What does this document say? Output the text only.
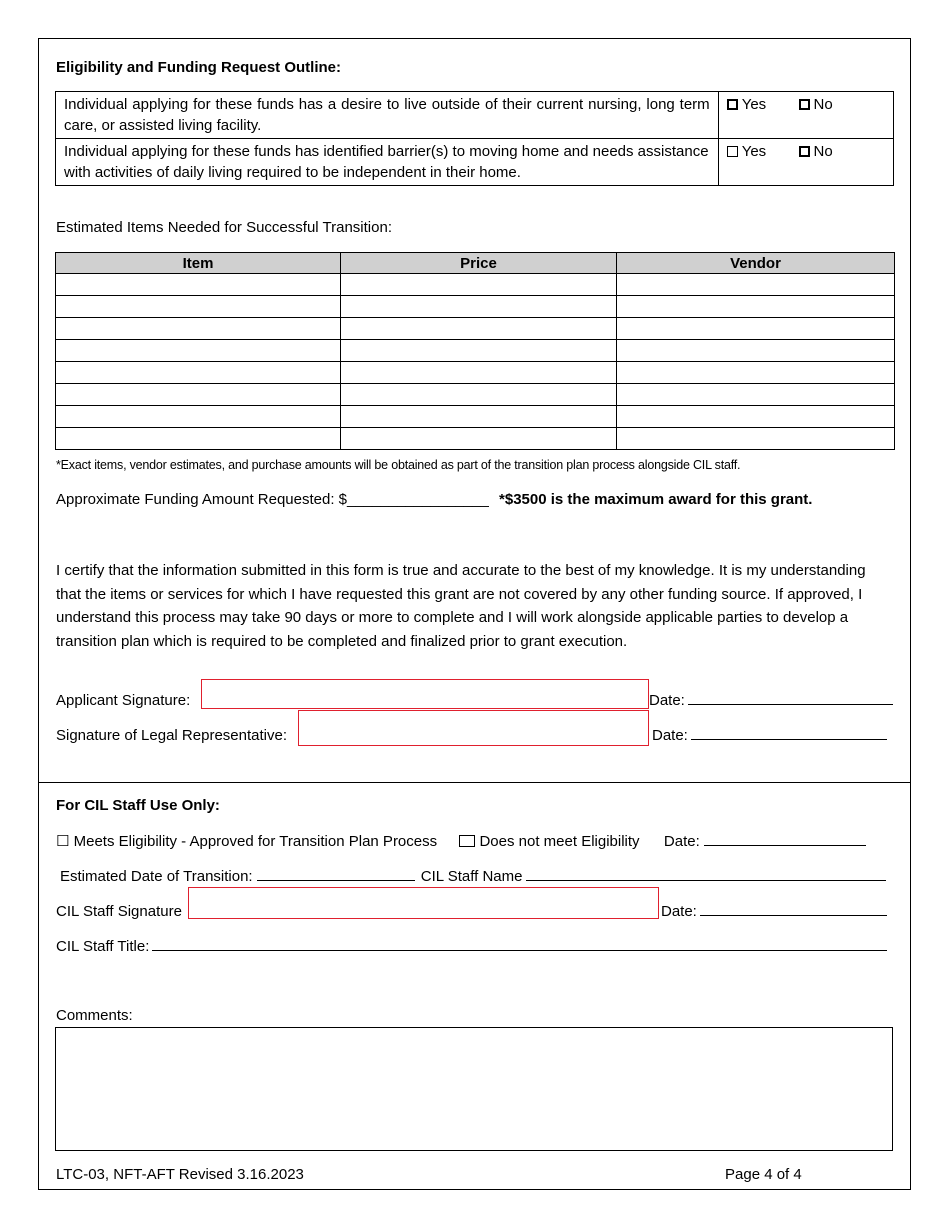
Eligibility and Funding Request Outline:
Individual applying for these funds has a desire to live outside of their current nursing, long term care, or assisted living facility.	Yes No
Individual applying for these funds has identified barrier(s) to moving home and needs assistance with activities of daily living required to be independent in their home.	Yes No
Estimated Items Needed for Successful Transition:
Item	Price	Vendor

*Exact items, vendor estimates, and purchase amounts will be obtained as part of the transition plan process alongside CIL staff.
Approximate Funding Amount Requested: $_________________ *$3500 is the maximum award for this grant.
I certify that the information submitted in this form is true and accurate to the best of my knowledge. It is my understanding that the items or services for which I have requested this grant are not covered by any other funding source. If approved, I understand this process may take 90 days or more to complete and I will work alongside applicable parties to develop a transition plan which is required to be completed and finalized prior to grant execution.
Applicant Signature:	Date:
Signature of Legal Representative:	Date:
For CIL Staff Use Only:
☐ Meets Eligibility - Approved for Transition Plan Process	Does not meet Eligibility Date:
Estimated Date of Transition:	CIL Staff Name
CIL Staff Signature	Date:
CIL Staff Title:
Comments:
LTC-03, NFT-AFT Revised 3.16.2023	Page 4 of 4
